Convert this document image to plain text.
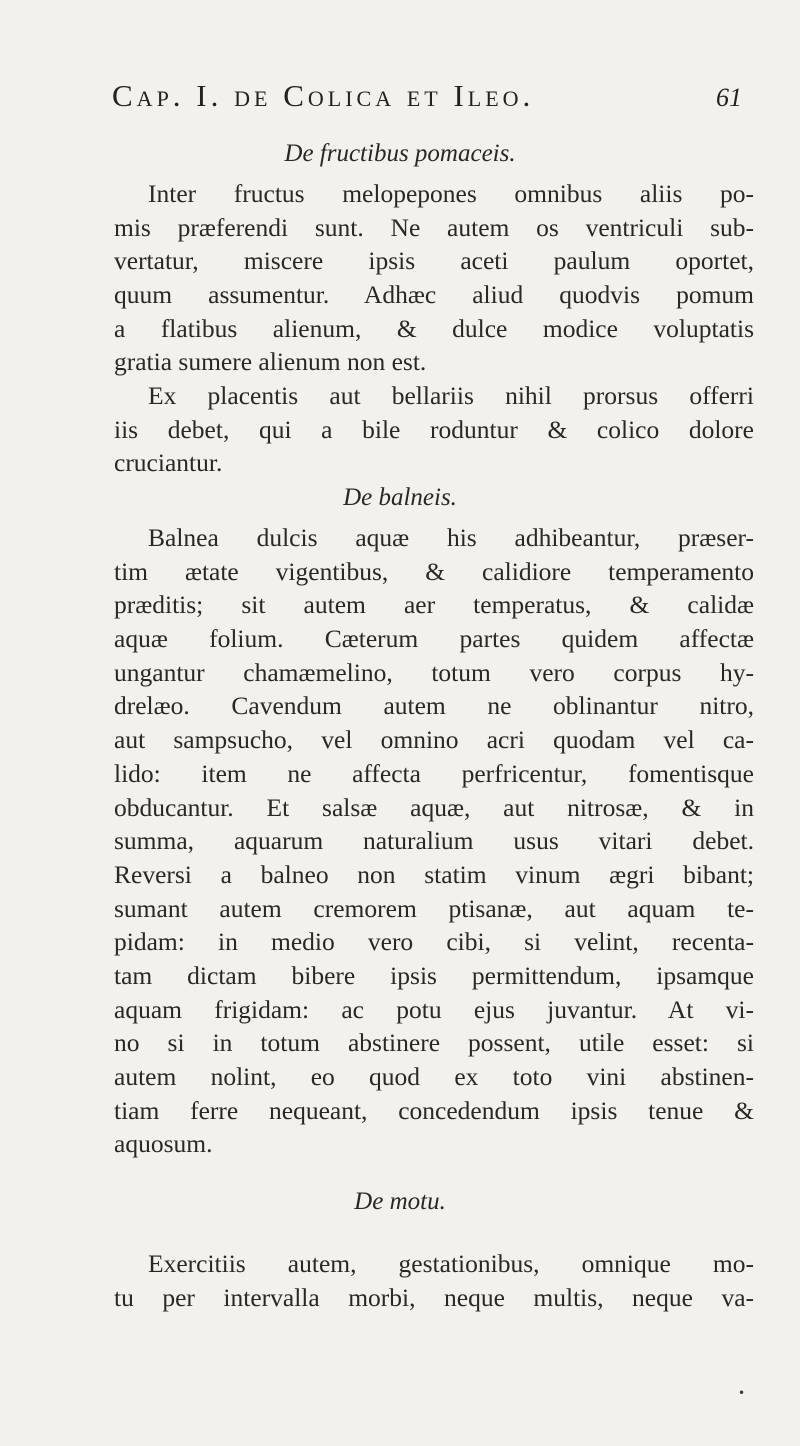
Cap. I. de Colica et Ileo.	61
De fructibus pomaceis.
Inter fructus melopepones omnibus aliis po-
mis præferendi sunt. Ne autem os ventriculi sub-
vertatur, miscere ipsis aceti paulum oportet,
quum assumentur. Adhæc aliud quodvis pomum
a flatibus alienum, & dulce modice voluptatis
gratia sumere alienum non est.
Ex placentis aut bellariis nihil prorsus offerri
iis debet, qui a bile roduntur & colico dolore
cruciantur.
De balneis.
Balnea dulcis aquæ his adhibeantur, præser-
tim ætate vigentibus, & calidiore temperamento
præditis; sit autem aer temperatus, & calidæ
aquæ folium. Cæterum partes quidem affectæ
ungantur chamæmelino, totum vero corpus hy-
drelæo. Cavendum autem ne oblinantur nitro,
aut sampsucho, vel omnino acri quodam vel ca-
lido: item ne affecta perfricentur, fomentisque
obducantur. Et salsæ aquæ, aut nitrosæ, & in
summa, aquarum naturalium usus vitari debet.
Reversi a balneo non statim vinum ægri bibant;
sumant autem cremorem ptisanæ, aut aquam te-
pidam: in medio vero cibi, si velint, recenta-
tam dictam bibere ipsis permittendum, ipsamque
aquam frigidam: ac potu ejus juvantur. At vi-
no si in totum abstinere possent, utile esset: si
autem nolint, eo quod ex toto vini abstinen-
tiam ferre nequeant, concedendum ipsis tenue &
aquosum.
De motu.
Exercitiis autem, gestationibus, omnique mo-
tu per intervalla morbi, neque multis, neque va-
•
